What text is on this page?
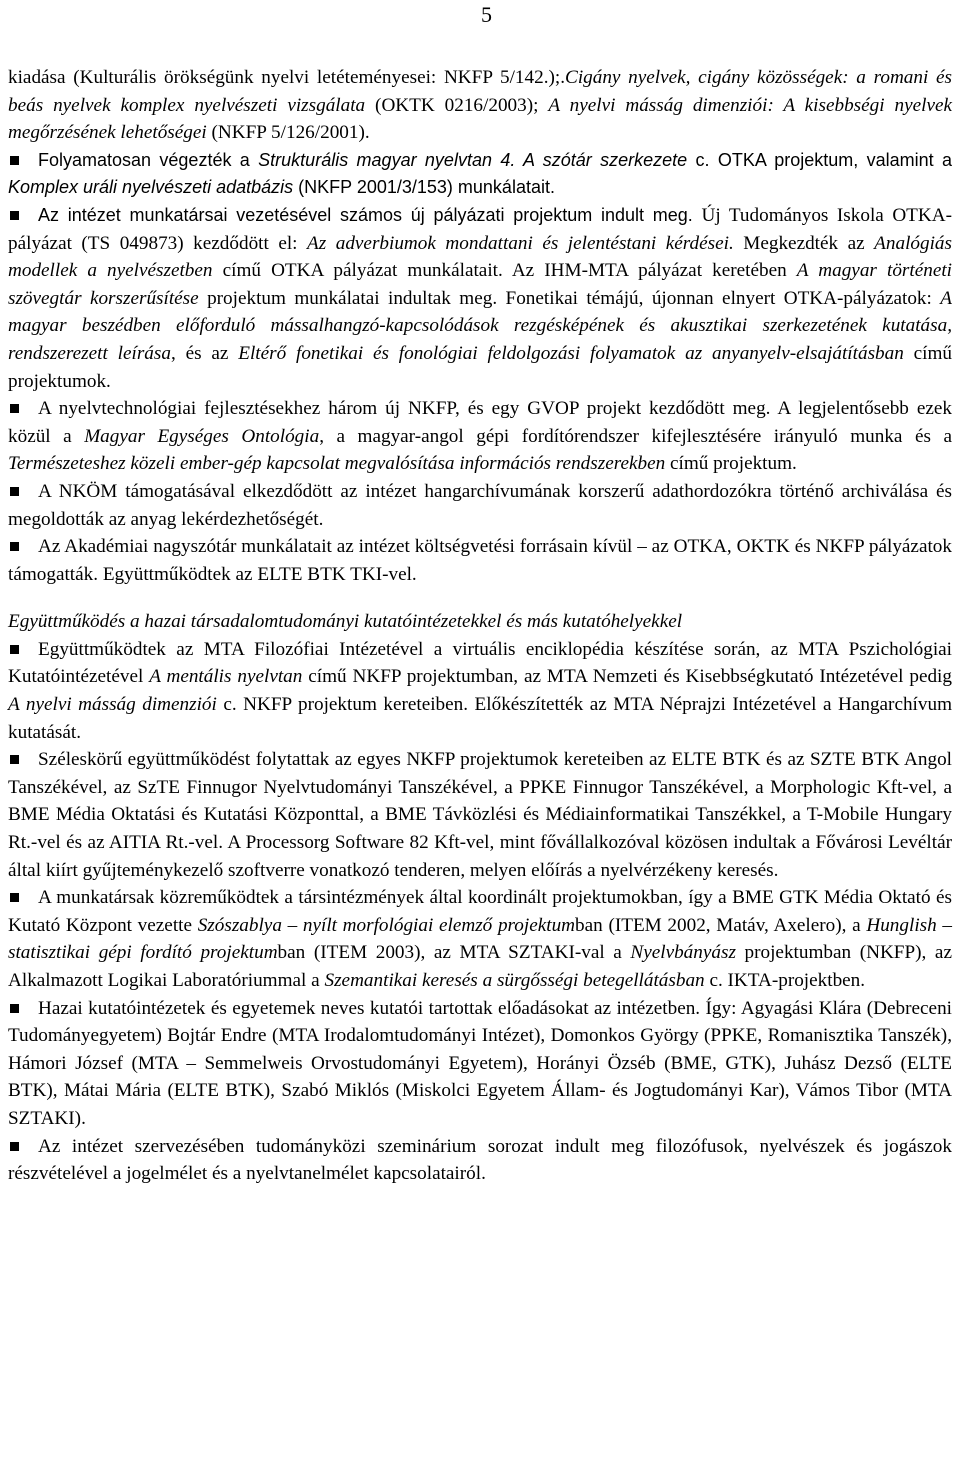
5

kiadása (Kulturális örökségünk nyelvi letéteményesei: NKFP 5/142.);.Cigány nyelvek, cigány közösségek: a romani és beás nyelvek komplex nyelvészeti vizsgálata (OKTK 0216/2003); A nyelvi másság dimenziói: A kisebbségi nyelvek megőrzésének lehetőségei (NKFP 5/126/2001).

Folyamatosan végezték a Strukturális magyar nyelvtan 4. A szótár szerkezete c. OTKA projektum, valamint a Komplex uráli nyelvészeti adatbázis (NKFP 2001/3/153) munkálatait.

Az intézet munkatársai vezetésével számos új pályázati projektum indult meg. Új Tudományos Iskola OTKA-pályázat (TS 049873) kezdődött el: Az adverbiumok mondattani és jelentéstani kérdései. Megkezdték az Analógiás modellek a nyelvészetben című OTKA pályázat munkálatait. Az IHM-MTA pályázat keretében A magyar történeti szövegtár korszerűsítése projektum munkálatai indultak meg. Fonetikai témájú, újonnan elnyert OTKA-pályázatok: A magyar beszédben előforduló mássalhangzó-kapcsolódások rezgésképének és akusztikai szerkezetének kutatása, rendszerezett leírása, és az Eltérő fonetikai és fonológiai feldolgozási folyamatok az anyanyelv-elsajátításban című projektumok.

A nyelvtechnológiai fejlesztésekhez három új NKFP, és egy GVOP projekt kezdődött meg. A legjelentősebb ezek közül a Magyar Egységes Ontológia, a magyar-angol gépi fordítórendszer kifejlesztésére irányuló munka és a Természeteshez közeli ember-gép kapcsolat megvalósítása információs rendszerekben című projektum.

A NKÖM támogatásával elkezdődött az intézet hangarchívumának korszerű adathordozókra történő archiválása és megoldották az anyag lekérdezhetőségét.

Az Akadémiai nagyszótár munkálatait az intézet költségvetési forrásain kívül – az OTKA, OKTK és NKFP pályázatok támogatták. Együttműködtek az ELTE BTK TKI-vel.

Együttműködés a hazai társadalomtudományi kutatóintézetekkel és más kutatóhelyekkel

Együttműködtek az MTA Filozófiai Intézetével a virtuális enciklopédia készítése során, az MTA Pszichológiai Kutatóintézetével A mentális nyelvtan című NKFP projektumban, az MTA Nemzeti és Kisebbségkutató Intézetével pedig A nyelvi másság dimenziói c. NKFP projektum kereteiben. Előkészítették az MTA Néprajzi Intézetével a Hangarchívum kutatását.

Széleskörű együttműködést folytattak az egyes NKFP projektumok kereteiben az ELTE BTK és az SZTE BTK Angol Tanszékével, az SzTE Finnugor Nyelvtudományi Tanszékével, a PPKE Finnugor Tanszékével, a Morphologic Kft-vel, a BME Média Oktatási és Kutatási Központtal, a BME Távközlési és Médiainformatikai Tanszékkel, a T-Mobile Hungary Rt.-vel és az AITIA Rt.-vel. A Processorg Software 82 Kft-vel, mint fővállalkozóval közösen indultak a Fővárosi Levéltár által kiírt gyűjteménykezelő szoftverre vonatkozó tenderen, melyen előírás a nyelvérzékeny keresés.

A munkatársak közreműködtek a társintézmények által koordinált projektumokban, így a BME GTK Média Oktató és Kutató Központ vezette Szószablya – nyílt morfológiai elemző projektumban (ITEM 2002, Matáv, Axelero), a Hunglish – statisztikai gépi fordító projektumban (ITEM 2003), az MTA SZTAKI-val a Nyelvbányász projektumban (NKFP), az Alkalmazott Logikai Laboratóriummal a Szemantikai keresés a sürgősségi betegellátásban c. IKTA-projektben.

Hazai kutatóintézetek és egyetemek neves kutatói tartottak előadásokat az intézetben. Így: Agyagási Klára (Debreceni Tudományegyetem) Bojtár Endre (MTA Irodalomtudományi Intézet), Domonkos György (PPKE, Romanisztika Tanszék), Hámori József (MTA – Semmelweis Orvostudományi Egyetem), Horányi Özséb (BME, GTK), Juhász Dezső (ELTE BTK), Mátai Mária (ELTE BTK), Szabó Miklós (Miskolci Egyetem Állam- és Jogtudományi Kar), Vámos Tibor (MTA SZTAKI).

Az intézet szervezésében tudományközi szeminárium sorozat indult meg filozófusok, nyelvészek és jogászok részvételével a jogelmélet és a nyelvtanelmélet kapcsolatairól.
